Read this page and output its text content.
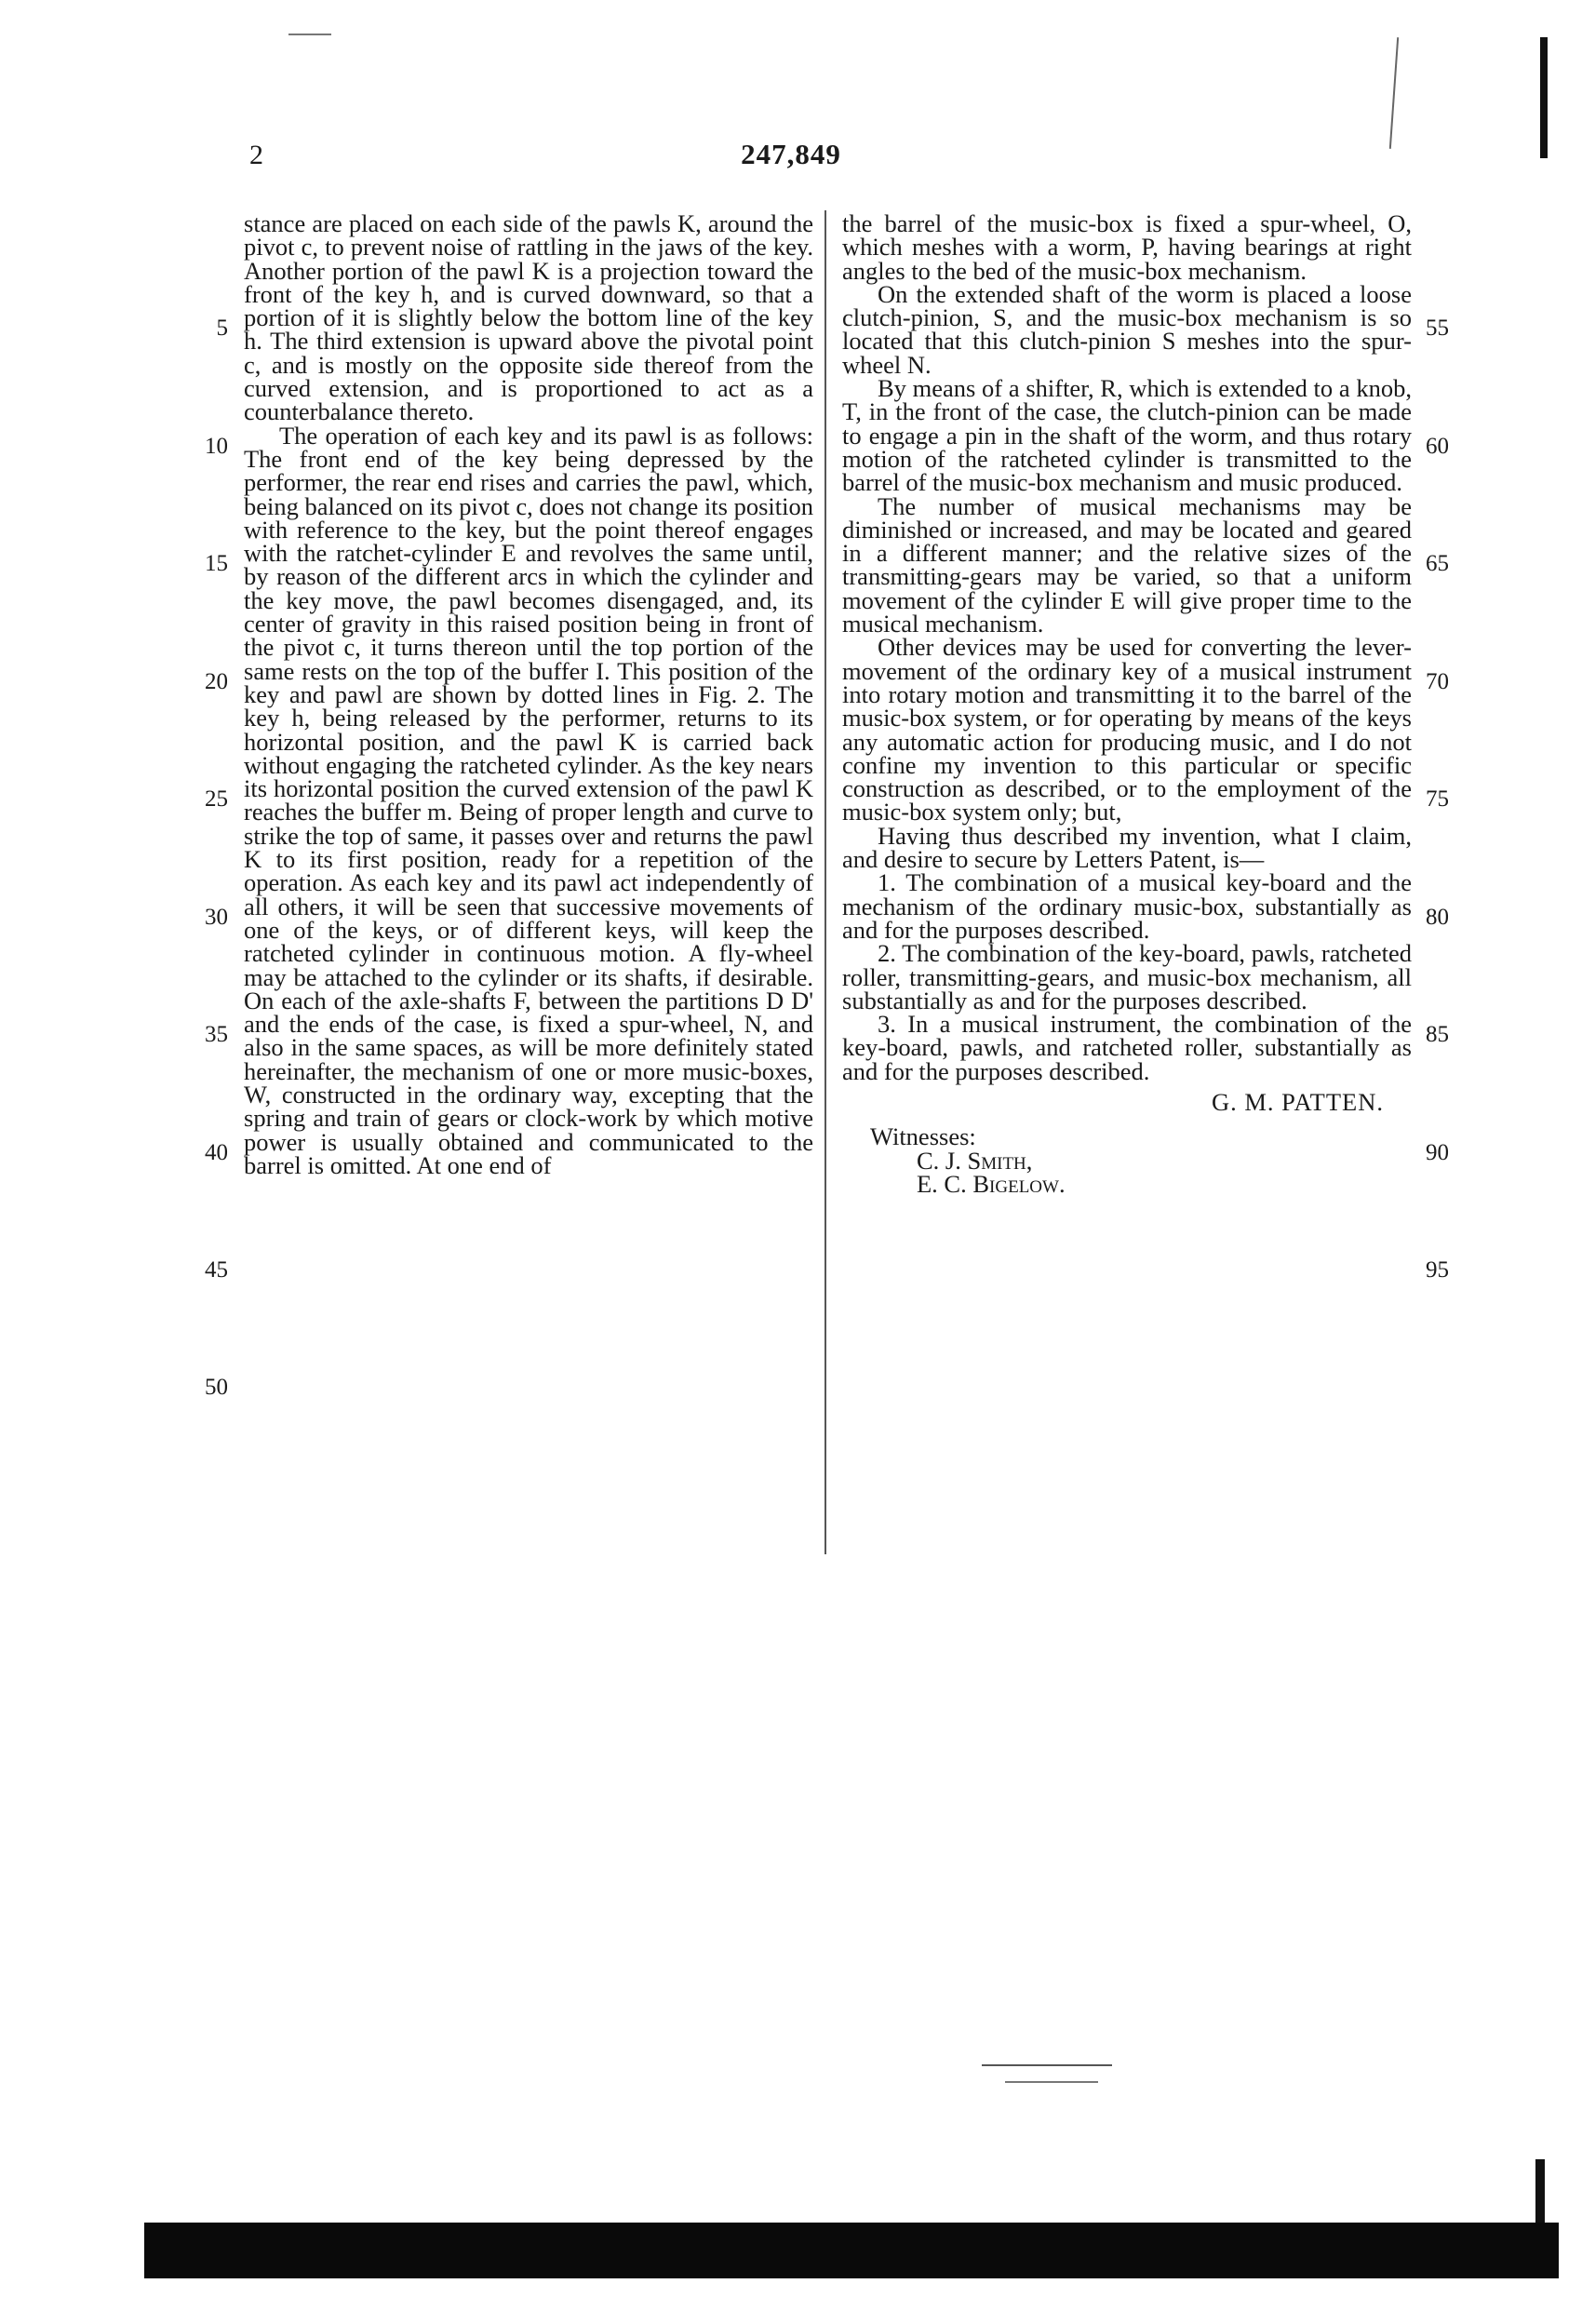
2	247,849

stance are placed on each side of the pawls K, around the pivot c, to prevent noise of rattling in the jaws of the key. Another portion of the pawl K is a projection toward the front of the key h, and is curved downward, so that a portion of it is slightly below the bottom line of the key h. The third extension is upward above the pivotal point c, and is mostly on the opposite side thereof from the curved extension, and is proportioned to act as a counterbalance thereto.

The operation of each key and its pawl is as follows: The front end of the key being depressed by the performer, the rear end rises and carries the pawl, which, being balanced on its pivot c, does not change its position with reference to the key, but the point thereof engages with the ratchet-cylinder E and revolves the same until, by reason of the different arcs in which the cylinder and the key move, the pawl becomes disengaged, and, its center of gravity in this raised position being in front of the pivot c, it turns thereon until the top portion of the same rests on the top of the buffer I. This position of the key and pawl are shown by dotted lines in Fig. 2. The key h, being released by the performer, returns to its horizontal position, and the pawl K is carried back without engaging the ratcheted cylinder. As the key nears its horizontal position the curved extension of the pawl K reaches the buffer m. Being of proper length and curve to strike the top of same, it passes over and returns the pawl K to its first position, ready for a repetition of the operation. As each key and its pawl act independently of all others, it will be seen that successive movements of one of the keys, or of different keys, will keep the ratcheted cylinder in continuous motion. A fly-wheel may be attached to the cylinder or its shafts, if desirable. On each of the axle-shafts F, between the partitions D D' and the ends of the case, is fixed a spur-wheel, N, and also in the same spaces, as will be more definitely stated hereinafter, the mechanism of one or more music-boxes, W, constructed in the ordinary way, excepting that the spring and train of gears or clock-work by which motive power is usually obtained and communicated to the barrel is omitted. At one end of

the barrel of the music-box is fixed a spur-wheel, O, which meshes with a worm, P, having bearings at right angles to the bed of the music-box mechanism.

On the extended shaft of the worm is placed a loose clutch-pinion, S, and the music-box mechanism is so located that this clutch-pinion S meshes into the spur-wheel N.

By means of a shifter, R, which is extended to a knob, T, in the front of the case, the clutch-pinion can be made to engage a pin in the shaft of the worm, and thus rotary motion of the ratcheted cylinder is transmitted to the barrel of the music-box mechanism and music produced.

The number of musical mechanisms may be diminished or increased, and may be located and geared in a different manner; and the relative sizes of the transmitting-gears may be varied, so that a uniform movement of the cylinder E will give proper time to the musical mechanism.

Other devices may be used for converting the lever-movement of the ordinary key of a musical instrument into rotary motion and transmitting it to the barrel of the music-box system, or for operating by means of the keys any automatic action for producing music, and I do not confine my invention to this particular or specific construction as described, or to the employment of the music-box system only; but,

Having thus described my invention, what I claim, and desire to secure by Letters Patent, is—

1. The combination of a musical key-board and the mechanism of the ordinary music-box, substantially as and for the purposes described.

2. The combination of the key-board, pawls, ratcheted roller, transmitting-gears, and music-box mechanism, all substantially as and for the purposes described.

3. In a musical instrument, the combination of the key-board, pawls, and ratcheted roller, substantially as and for the purposes described.

G. M. PATTEN.

Witnesses:

C. J. Smith,

E. C. Bigelow.

5
10
15
20
25
30
35
40
45
50
55
60
65
70
75
80
85
90
95
